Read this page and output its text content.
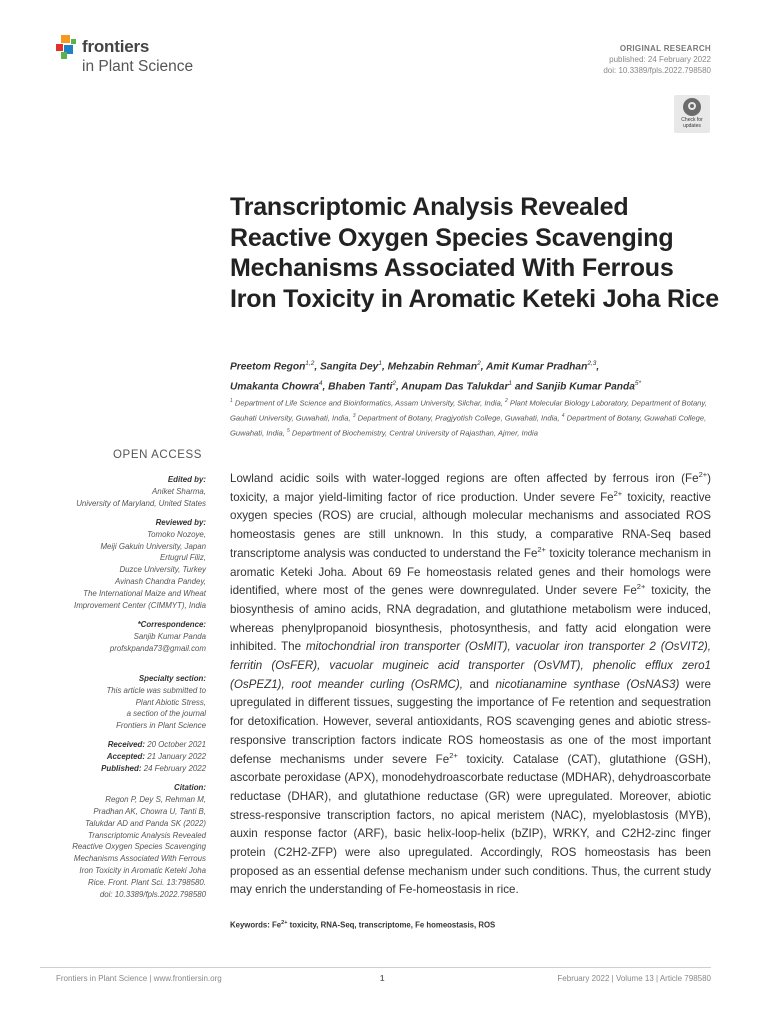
frontiers
in Plant Science
ORIGINAL RESEARCH
published: 24 February 2022
doi: 10.3389/fpls.2022.798580
Check for
updates
Transcriptomic Analysis Revealed Reactive Oxygen Species Scavenging Mechanisms Associated With Ferrous Iron Toxicity in Aromatic Keteki Joha Rice
Preetom Regon$^{1,2}$, Sangita Dey$^1$, Mehzabin Rehman$^2$, Amit Kumar Pradhan$^{2,3}$,
Umakanta Chowra$^4$, Bhaben Tanti$^2$, Anupam Das Talukdar$^1$ and Sanjib Kumar Panda$^{5*}$
$^1$ Department of Life Science and Bioinformatics, Assam University, Silchar, India, $^2$ Plant Molecular Biology Laboratory, Department of Botany, Gauhati University, Guwahati, India, $^3$ Department of Botany, Pragjyotish College, Guwahati, India, $^4$ Department of Botany, Guwahati College, Guwahati, India, $^5$ Department of Biochemistry, Central University of Rajasthan, Ajmer, India
OPEN ACCESS
Edited by:
Aniket Sharma,
University of Maryland, United States
Reviewed by:
Tomoko Nozoye,
Meiji Gakuin University, Japan
Ertugrul Filiz,
Duzce University, Turkey
Avinash Chandra Pandey,
The International Maize and Wheat
Improvement Center (CIMMYT), India
*Correspondence:
Sanjib Kumar Panda
profskpanda73@gmail.com
Specialty section:
This article was submitted to
Plant Abiotic Stress,
a section of the journal
Frontiers in Plant Science
Received: 20 October 2021
Accepted: 21 January 2022
Published: 24 February 2022
Citation:
Regon P, Dey S, Rehman M,
Pradhan AK, Chowra U, Tanti B,
Talukdar AD and Panda SK (2022)
Transcriptomic Analysis Revealed
Reactive Oxygen Species Scavenging
Mechanisms Associated With Ferrous
Iron Toxicity in Aromatic Keteki Joha
Rice. Front. Plant Sci. 13:798580.
doi: 10.3389/fpls.2022.798580

Lowland acidic soils with water-logged regions are often affected by ferrous iron $(Fe^{2+})$ toxicity, a major yield-limiting factor of rice production. Under severe $Fe^{2+}$ toxicity, reactive oxygen species (ROS) are crucial, although molecular mechanisms and associated ROS homeostasis genes are still unknown. In this study, a comparative RNA-Seq based transcriptome analysis was conducted to understand the $Fe^{2+}$ toxicity tolerance mechanism in aromatic Keteki Joha. About 69 Fe homeostasis related genes and their homologs were identified, where most of the genes were downregulated. Under severe $Fe^{2+}$ toxicity, the biosynthesis of amino acids, RNA degradation, and glutathione metabolism were induced, whereas phenylpropanoid biosynthesis, photosynthesis, and fatty acid elongation were inhibited. The mitochondrial iron transporter (OsMIT), vacuolar iron transporter 2 (OsVIT2), ferritin (OsFER), vacuolar mugineic acid transporter (OsVMT), phenolic efflux zero1 (OsPEZ1), root meander curling (OsRMC), and nicotianamine synthase (OsNAS3) were upregulated in different tissues, suggesting the importance of Fe retention and sequestration for detoxification. However, several antioxidants, ROS scavenging genes and abiotic stress-responsive transcription factors indicate ROS homeostasis as one of the most important defense mechanisms under severe $Fe^{2+}$ toxicity. Catalase (CAT), glutathione (GSH), ascorbate peroxidase (APX), monodehydroascorbate reductase (MDHAR), dehydroascorbate reductase (DHAR), and glutathione reductase (GR) were upregulated. Moreover, abiotic stress-responsive transcription factors, no apical meristem (NAC), myeloblastosis (MYB), auxin response factor (ARF), basic helix-loop-helix (bZIP), WRKY, and C2H2-zinc finger protein (C2H2-ZFP) were also upregulated. Accordingly, ROS homeostasis has been proposed as an essential defense mechanism under such conditions. Thus, the current study may enrich the understanding of Fe-homeostasis in rice.

Keywords: $Fe^{2+}$ toxicity, RNA-Seq, transcriptome, Fe homeostasis, ROS
Frontiers in Plant Science | www.frontiersin.org	1	February 2022 | Volume 13 | Article 798580
